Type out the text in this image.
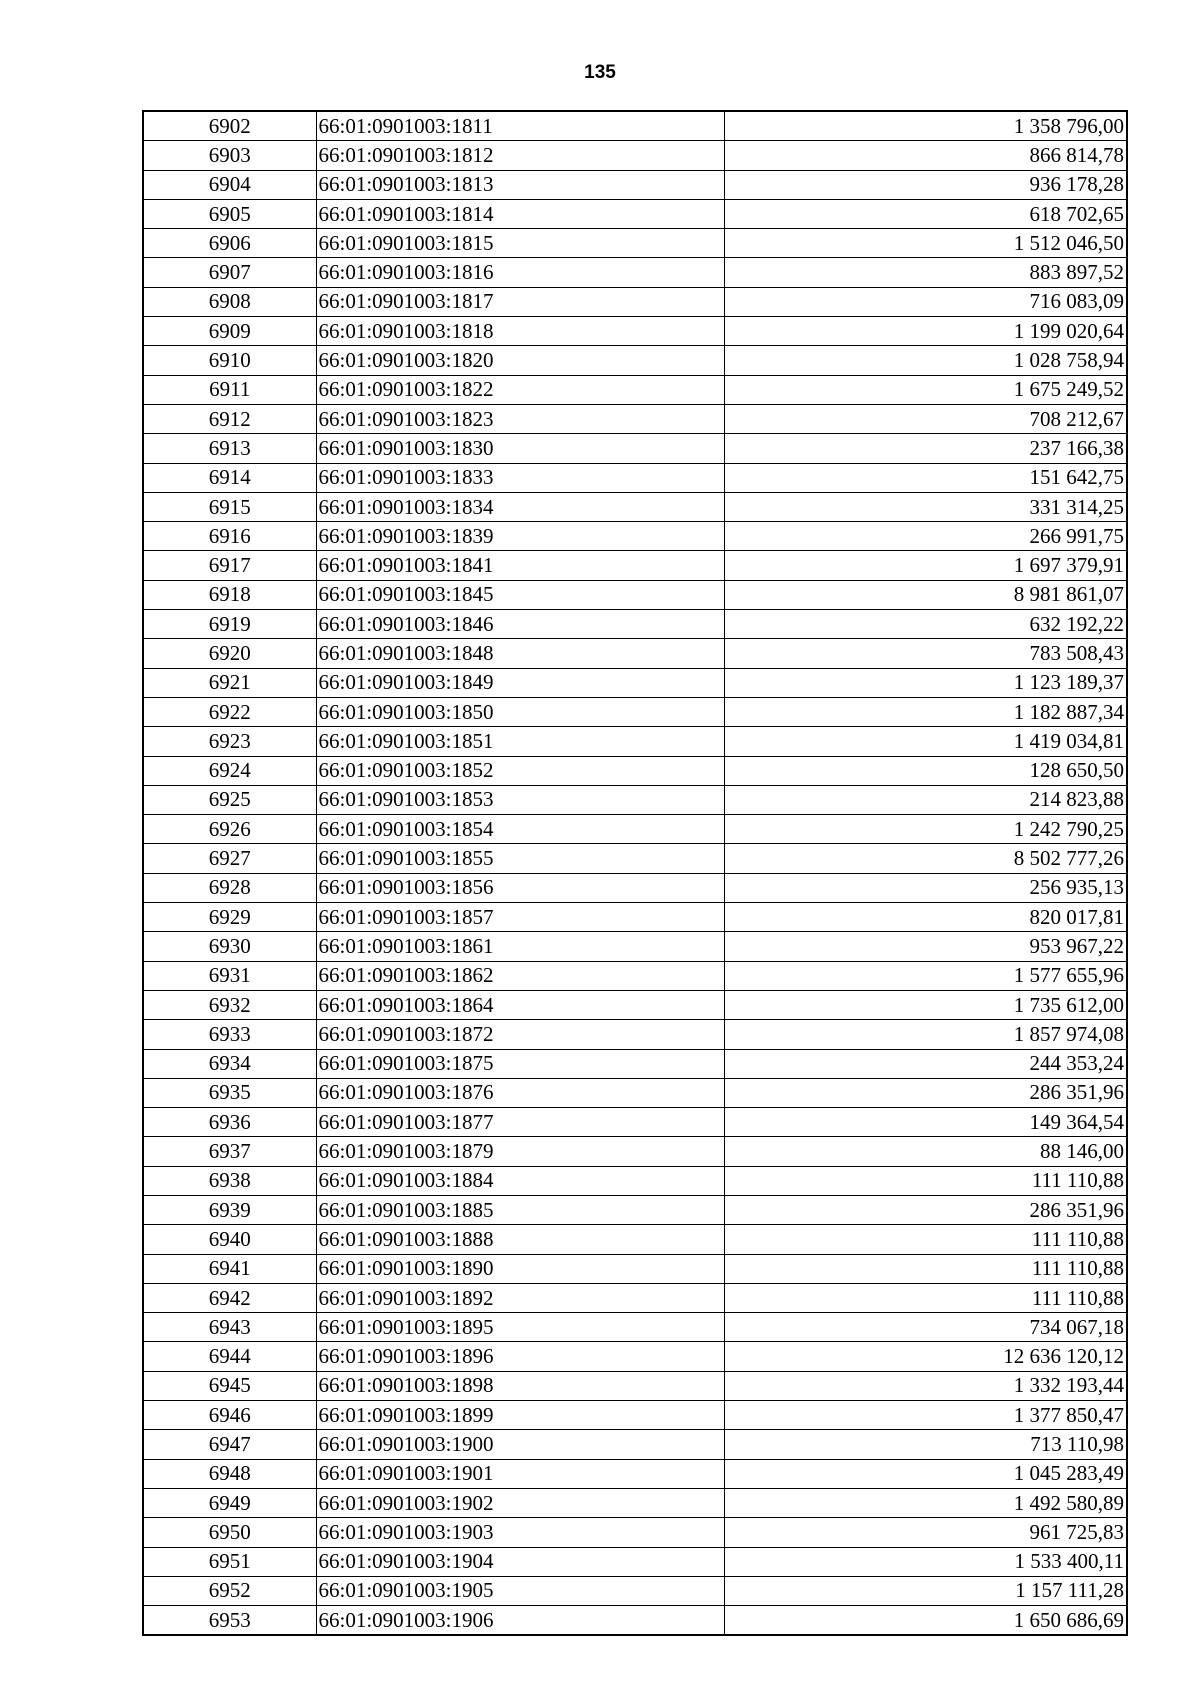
135
6902	66:01:0901003:1811	1 358 796,00
6903	66:01:0901003:1812	866 814,78
6904	66:01:0901003:1813	936 178,28
6905	66:01:0901003:1814	618 702,65
6906	66:01:0901003:1815	1 512 046,50
6907	66:01:0901003:1816	883 897,52
6908	66:01:0901003:1817	716 083,09
6909	66:01:0901003:1818	1 199 020,64
6910	66:01:0901003:1820	1 028 758,94
6911	66:01:0901003:1822	1 675 249,52
6912	66:01:0901003:1823	708 212,67
6913	66:01:0901003:1830	237 166,38
6914	66:01:0901003:1833	151 642,75
6915	66:01:0901003:1834	331 314,25
6916	66:01:0901003:1839	266 991,75
6917	66:01:0901003:1841	1 697 379,91
6918	66:01:0901003:1845	8 981 861,07
6919	66:01:0901003:1846	632 192,22
6920	66:01:0901003:1848	783 508,43
6921	66:01:0901003:1849	1 123 189,37
6922	66:01:0901003:1850	1 182 887,34
6923	66:01:0901003:1851	1 419 034,81
6924	66:01:0901003:1852	128 650,50
6925	66:01:0901003:1853	214 823,88
6926	66:01:0901003:1854	1 242 790,25
6927	66:01:0901003:1855	8 502 777,26
6928	66:01:0901003:1856	256 935,13
6929	66:01:0901003:1857	820 017,81
6930	66:01:0901003:1861	953 967,22
6931	66:01:0901003:1862	1 577 655,96
6932	66:01:0901003:1864	1 735 612,00
6933	66:01:0901003:1872	1 857 974,08
6934	66:01:0901003:1875	244 353,24
6935	66:01:0901003:1876	286 351,96
6936	66:01:0901003:1877	149 364,54
6937	66:01:0901003:1879	88 146,00
6938	66:01:0901003:1884	111 110,88
6939	66:01:0901003:1885	286 351,96
6940	66:01:0901003:1888	111 110,88
6941	66:01:0901003:1890	111 110,88
6942	66:01:0901003:1892	111 110,88
6943	66:01:0901003:1895	734 067,18
6944	66:01:0901003:1896	12 636 120,12
6945	66:01:0901003:1898	1 332 193,44
6946	66:01:0901003:1899	1 377 850,47
6947	66:01:0901003:1900	713 110,98
6948	66:01:0901003:1901	1 045 283,49
6949	66:01:0901003:1902	1 492 580,89
6950	66:01:0901003:1903	961 725,83
6951	66:01:0901003:1904	1 533 400,11
6952	66:01:0901003:1905	1 157 111,28
6953	66:01:0901003:1906	1 650 686,69
